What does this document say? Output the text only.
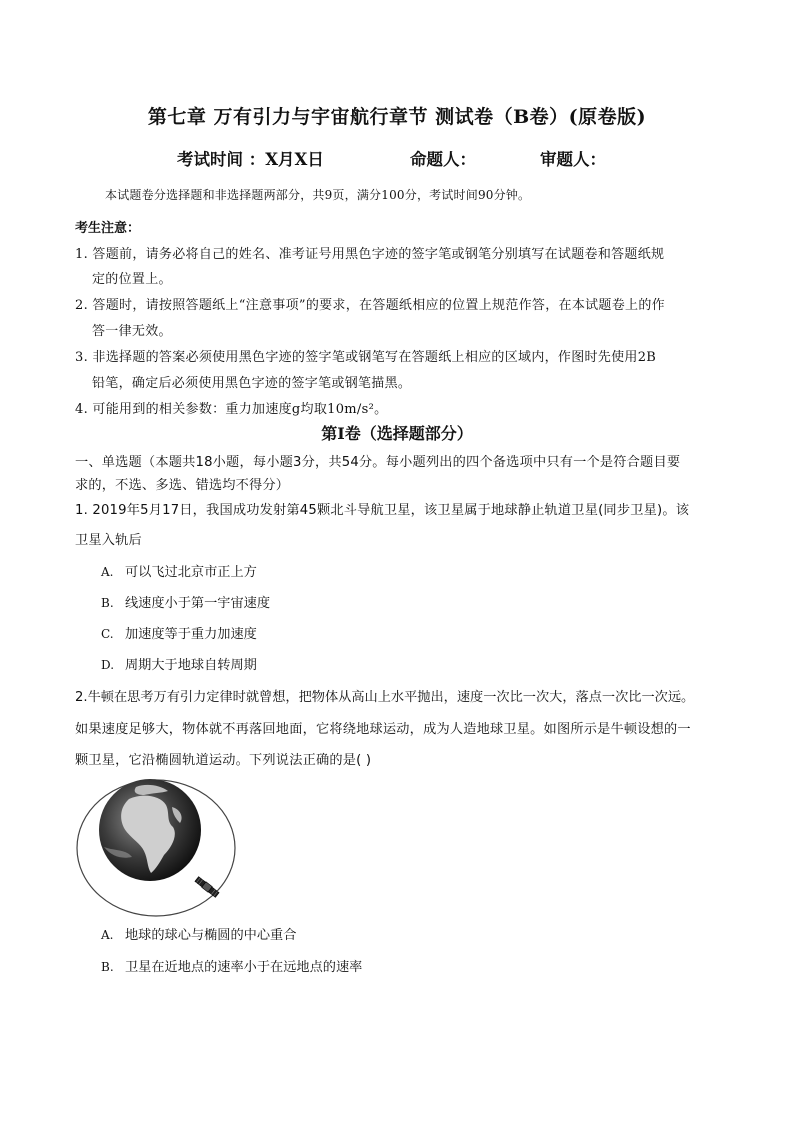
第七章 万有引力与宇宙航行章节 测试卷（B卷）(原卷版)
考试时间 ：X月X日	命题人：	审题人：
本试题卷分选择题和非选择题两部分，共9页，满分100分，考试时间90分钟。
考生注意：
1. 答题前，请务必将自己的姓名、准考证号用黑色字迹的签字笔或钢笔分别填写在试题卷和答题纸规
定的位置上。
2. 答题时，请按照答题纸上“注意事项”的要求，在答题纸相应的位置上规范作答，在本试题卷上的作
答一律无效。
3. 非选择题的答案必须使用黑色字迹的签字笔或钢笔写在答题纸上相应的区域内，作图时先使用2B
铅笔，确定后必须使用黑色字迹的签字笔或钢笔描黑。
4. 可能用到的相关参数：重力加速度g均取10m/s²。
第Ⅰ卷（选择题部分）
一、单选题（本题共18小题，每小题3分，共54分。每小题列出的四个备选项中只有一个是符合题目要
求的，不选、多选、错选均不得分）
1. 2019年5月17日，我国成功发射第45颗北斗导航卫星，该卫星属于地球静止轨道卫星(同步卫星)。该
卫星入轨后
A. 可以飞过北京市正上方
B. 线速度小于第一宇宙速度
C. 加速度等于重力加速度
D. 周期大于地球自转周期
2.牛顿在思考万有引力定律时就曾想，把物体从高山上水平抛出，速度一次比一次大，落点一次比一次远。
如果速度足够大，物体就不再落回地面，它将绕地球运动，成为人造地球卫星。如图所示是牛顿设想的一
颗卫星，它沿椭圆轨道运动。下列说法正确的是( )
A. 地球的球心与椭圆的中心重合
B. 卫星在近地点的速率小于在远地点的速率
